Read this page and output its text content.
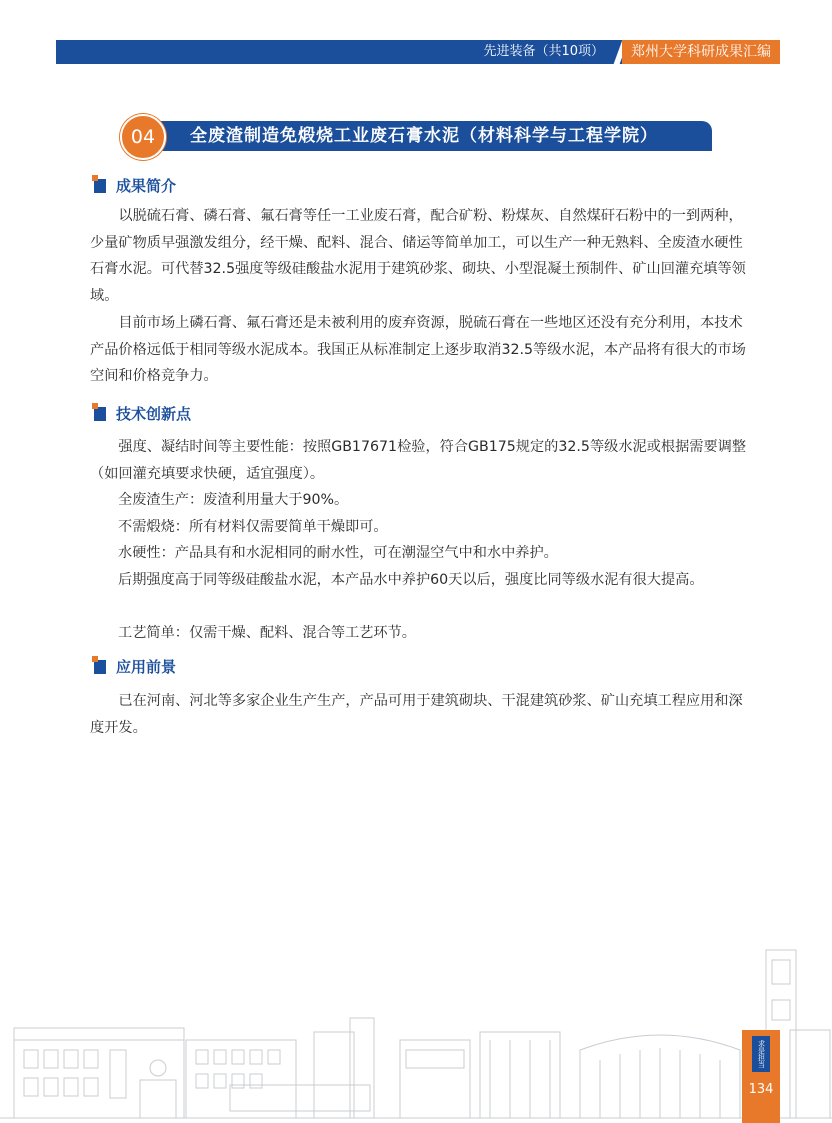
先进装备（共10项）	郑州大学科研成果汇编
全废渣制造免煅烧工业废石膏水泥（材料科学与工程学院）
04
成果简介

以脱硫石膏、磷石膏、氟石膏等任一工业废石膏，配合矿粉、粉煤灰、自然煤矸石粉中的一到两种，少量矿物质早强激发组分，经干燥、配料、混合、储运等简单加工，可以生产一种无熟料、全废渣水硬性石膏水泥。可代替32.5强度等级硅酸盐水泥用于建筑砂浆、砌块、小型混凝土预制件、矿山回灌充填等领域。

目前市场上磷石膏、氟石膏还是未被利用的废弃资源，脱硫石膏在一些地区还没有充分利用，本技术产品价格远低于相同等级水泥成本。我国正从标准制定上逐步取消32.5等级水泥，本产品将有很大的市场空间和价格竞争力。

技术创新点

强度、凝结时间等主要性能：按照GB17671检验，符合GB175规定的32.5等级水泥或根据需要调整（如回灌充填要求快硬，适宜强度）。

全废渣生产：废渣利用量大于90%。

不需煅烧：所有材料仅需要简单干燥即可。

水硬性：产品具有和水泥相同的耐水性，可在潮湿空气中和水中养护。

后期强度高于同等级硅酸盐水泥，本产品水中养护60天以后，强度比同等级水泥有很大提高。

工艺简单：仅需干燥、配料、混合等工艺环节。

应用前景

已在河南、河北等多家企业生产生产，产品可用于建筑砌块、干混建筑砂浆、矿山充填工程应用和深度开发。

求是担当
134
